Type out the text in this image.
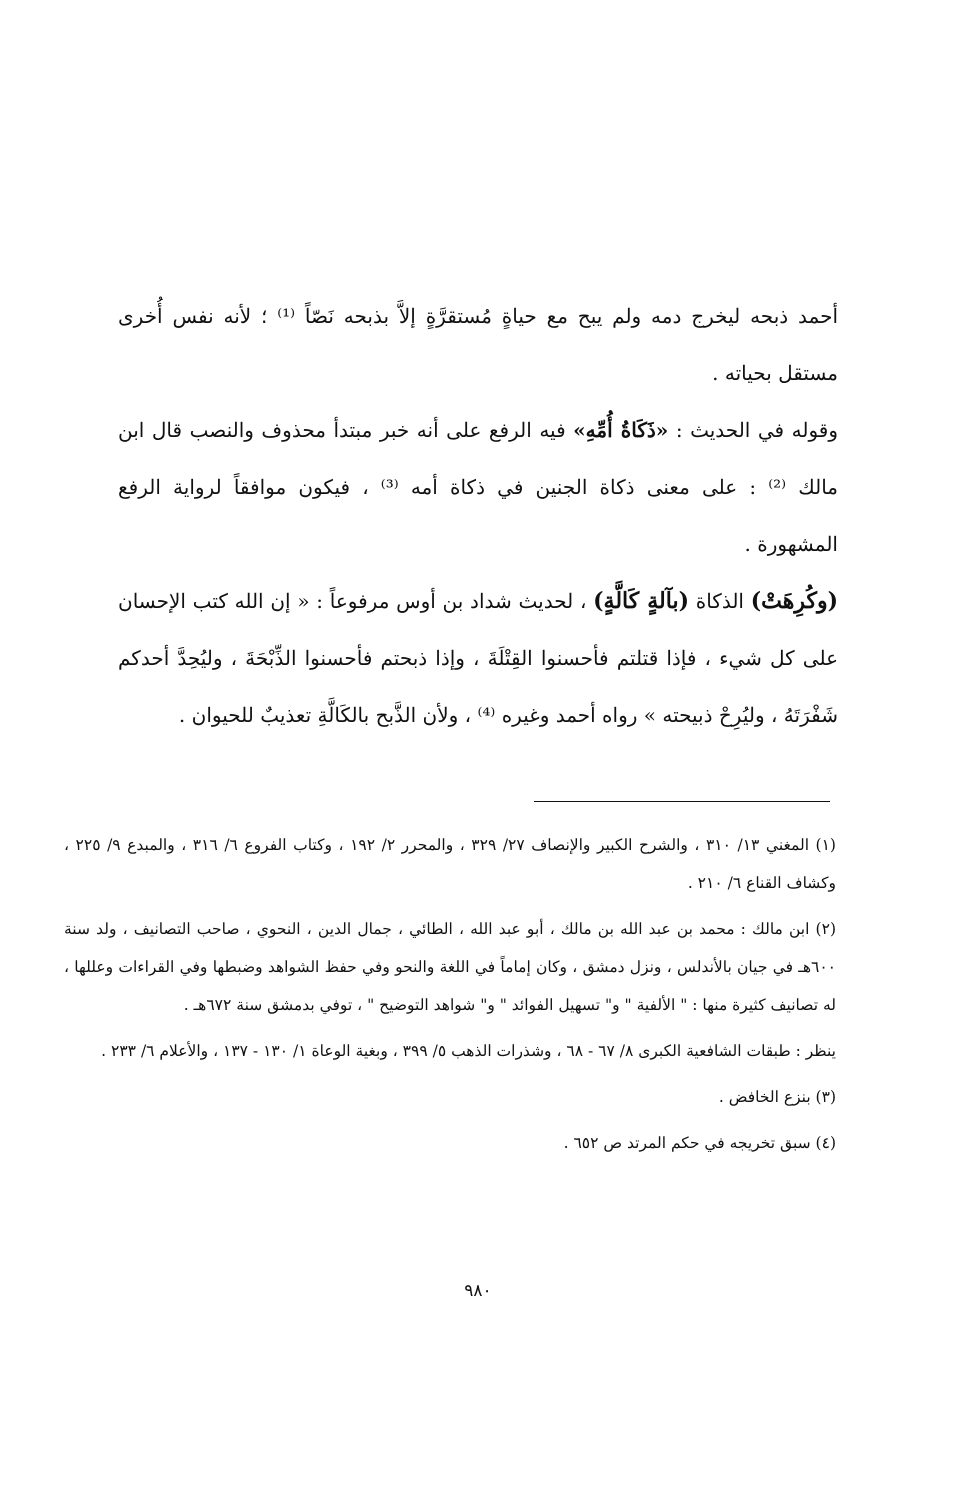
أحمد ذبحه ليخرج دمه ولم يبح مع حياةٍ مُستقرَّةٍ إلاَّ بذبحه نَصّاً ⁽¹⁾ ؛ لأنه نفس أُخرى مستقل بحياته .

وقوله في الحديث : «ذَكَاةُ أُمِّهِ» فيه الرفع على أنه خبر مبتدأ محذوف والنصب قال ابن مالك ⁽²⁾ : على معنى ذكاة الجنين في ذكاة أمه ⁽³⁾ ، فيكون موافقاً لرواية الرفع المشهورة .

(وكُرِهَتْ) الذكاة (بآلةٍ كَالَّةٍ) ، لحديث شداد بن أوس مرفوعاً : « إن الله كتب الإحسان على كل شيء ، فإذا قتلتم فأحسنوا القِتْلَةَ ، وإذا ذبحتم فأحسنوا الذِّبْحَةَ ، وليُحِدَّ أحدكم شَفْرَتَهُ ، وليُرِحْ ذبيحته » رواه أحمد وغيره ⁽⁴⁾ ، ولأن الذَّبح بالكَالَّةِ تعذيبٌ للحيوان .

(١) المغني ١٣/ ٣١٠ ، والشرح الكبير والإنصاف ٢٧/ ٣٢٩ ، والمحرر ٢/ ١٩٢ ، وكتاب الفروع ٦/ ٣١٦ ، والمبدع ٩/ ٢٢٥ ، وكشاف القناع ٦/ ٢١٠ .

(٢) ابن مالك : محمد بن عبد الله بن مالك ، أبو عبد الله ، الطائي ، جمال الدين ، النحوي ، صاحب التصانيف ، ولد سنة ٦٠٠هـ في جيان بالأندلس ، ونزل دمشق ، وكان إماماً في اللغة والنحو وفي حفظ الشواهد وضبطها وفي القراءات وعللها ، له تصانيف كثيرة منها : " الألفية " و" تسهيل الفوائد " و" شواهد التوضيح " ، توفي بدمشق سنة ٦٧٢هـ .

ينظر : طبقات الشافعية الكبرى ٨/ ٦٧ - ٦٨ ، وشذرات الذهب ٥/ ٣٩٩ ، وبغية الوعاة ١/ ١٣٠ - ١٣٧ ، والأعلام ٦/ ٢٣٣ .

(٣) بنزع الخافض .

(٤) سبق تخريجه في حكم المرتد ص ٦٥٢ .

٩٨٠
